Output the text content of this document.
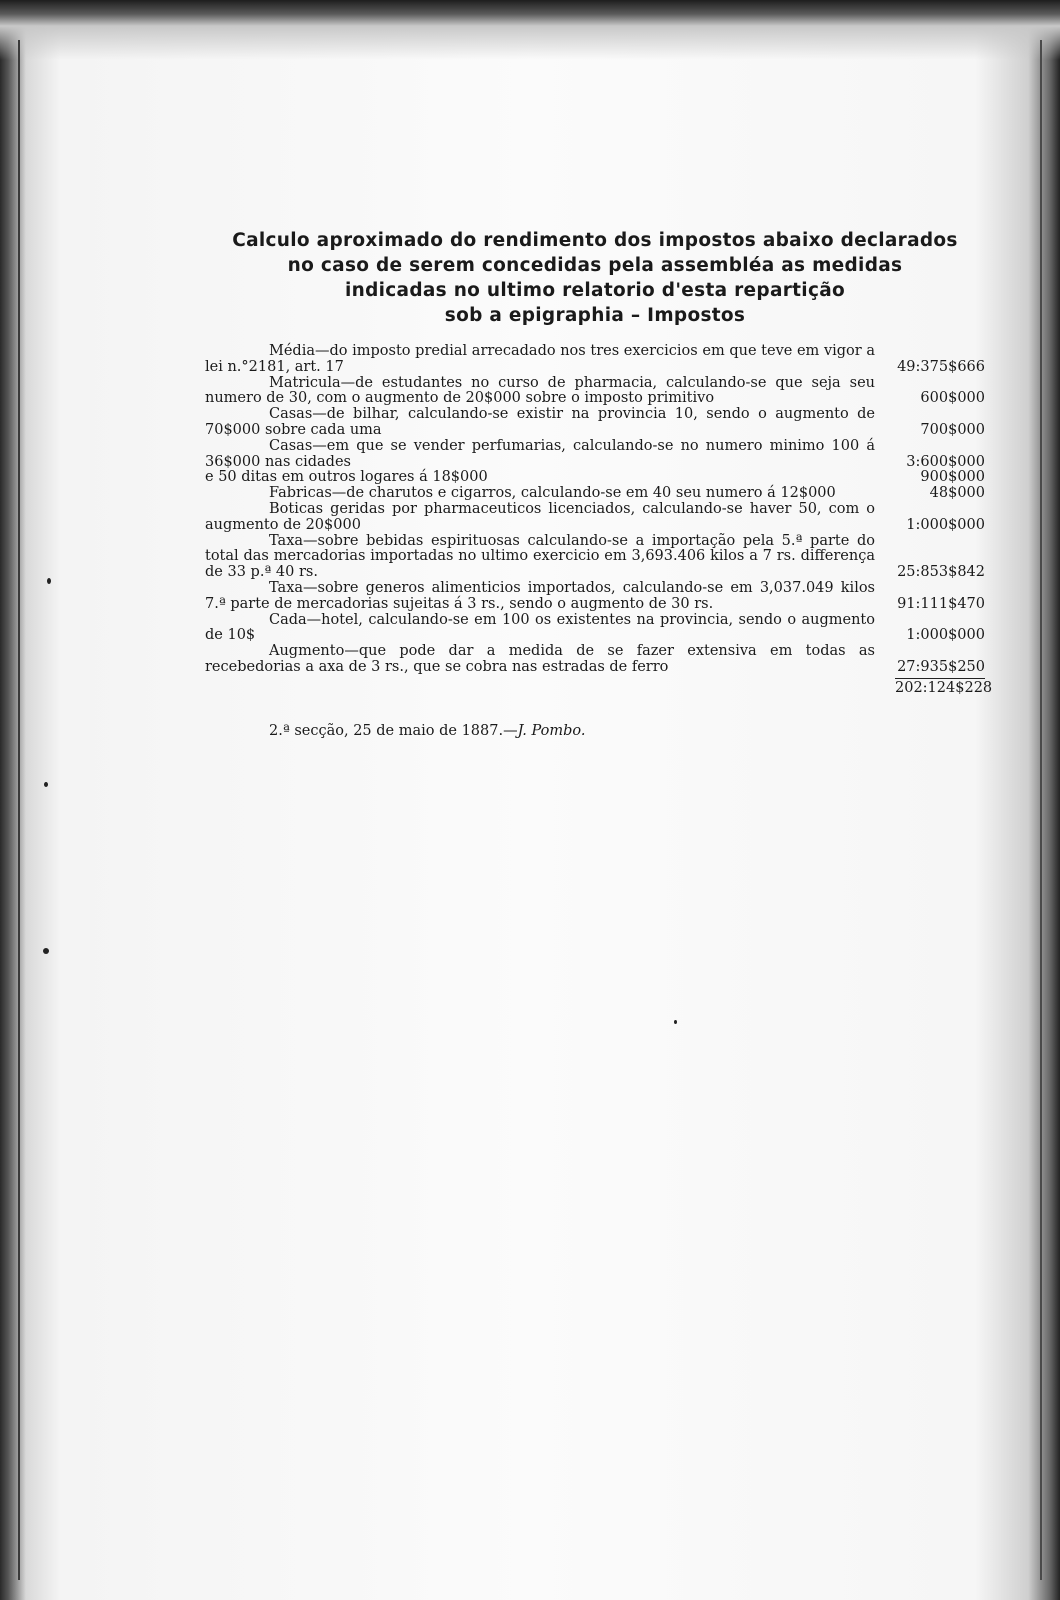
Calculo aproximado do rendimento dos impostos abaixo declarados
no caso de serem concedidas pela assembléa as medidas
indicadas no ultimo relatorio d'esta repartição
sob a epigraphia – Impostos
Média—do imposto predial arrecadado nos tres exercicios em que teve em vigor a lei n.°2181, art. 17	49:375$666
Matricula—de estudantes no curso de pharmacia, calculando-se que seja seu numero de 30, com o augmento de 20$000 sobre o imposto primitivo	600$000
Casas—de bilhar, calculando-se existir na provincia 10, sendo o augmento de 70$000 sobre cada uma	700$000
Casas—em que se vender perfumarias, calculando-se no numero minimo 100 á 36$000 nas cidades	3:600$000
e 50 ditas em outros logares á 18$000	900$000
Fabricas—de charutos e cigarros, calculando-se em 40 seu numero á 12$000	48$000
Boticas geridas por pharmaceuticos licenciados, calculando-se haver 50, com o augmento de 20$000	1:000$000
Taxa—sobre bebidas espirituosas calculando-se a importação pela 5.ª parte do total das mercadorias importadas no ultimo exercicio em 3,693.406 kilos a 7 rs. differença de 33 p.ª 40 rs.	25:853$842
Taxa—sobre generos alimenticios importados, calculando-se em 3,037.049 kilos 7.ª parte de mercadorias sujeitas á 3 rs., sendo o augmento de 30 rs.	91:111$470
Cada—hotel, calculando-se em 100 os existentes na provincia, sendo o augmento de 10$	1:000$000
Augmento—que pode dar a medida de se fazer extensiva em todas as recebedorias a axa de 3 rs., que se cobra nas estradas de ferro	27:935$250
202:124$228
2.ª secção, 25 de maio de 1887.—J. Pombo.
